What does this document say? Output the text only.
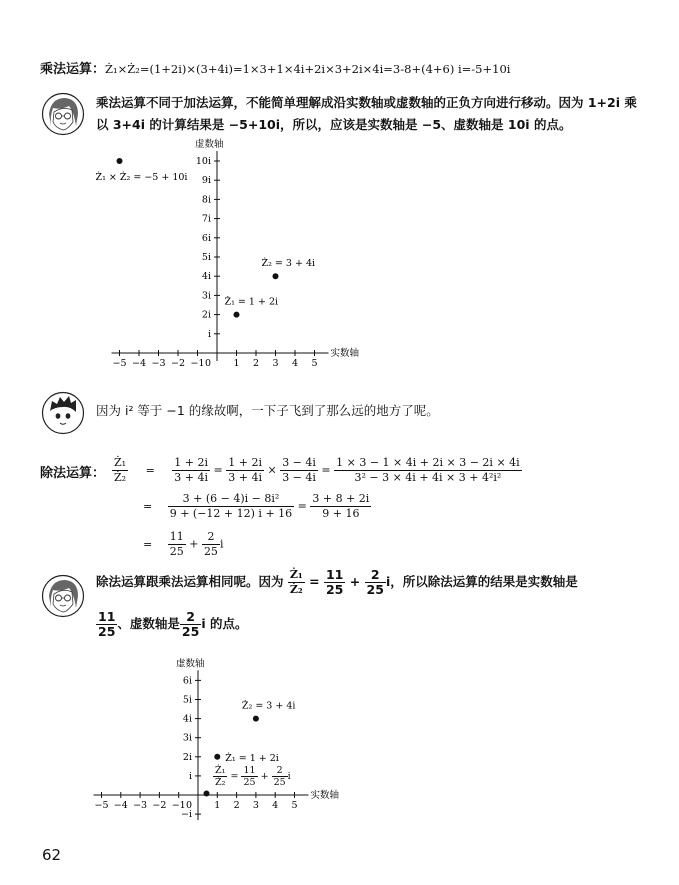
乘法运算：Ż₁×Ż₂=(1+2i)×(3+4i)=1×3+1×4i+2i×3+2i×4i=3-8+(4+6) i=-5+10i
乘法运算不同于加法运算，不能简单理解成沿实数轴或虚数轴的正负方向进行移动。因为 1+2i 乘以 3+4i 的计算结果是 −5+10i，所以，应该是实数轴是 −5、虚数轴是 10i 的点。
实数轴
虚数轴
−5 −4 −3 −2 −1 0 1 2 3 4 5
i
2i
3i
4i
5i
6i
7i
8i
9i
10i
Ż₁ = 1 + 2i
Ż₂ = 3 + 4i
Ż₁ × Ż₂ = −5 + 10i
因为 i² 等于 −1 的缘故啊，一下子飞到了那么远的地方了呢。
除法运算： $\frac{\text{Ż₁}}{\text{Ż₂}} = \frac{1 + 2i}{3 + 4i} = \frac{1 + 2i}{3 + 4i} \times \frac{3 - 4i}{3 - 4i} = \frac{1 \times 3 - 1 \times 4i + 2i \times 3 - 2i \times 4i}{\text{3² − 3 × 4i + 4i × 3 + 4²i²}}$
= $\frac{\text{3 + (6 − 4)i − 8i²}}{9 + (-12 + 12) i + 16} = \frac{3 + 8 + 2i}{9 + 16}$
= $\frac{11}{25} + \frac{2}{25}$ i
除法运算跟乘法运算相同呢。因为 $\frac{\text{Ż₁}}{\text{Ż₂}} = \frac{11}{25} + \frac{2}{25}$ i，所以除法运算的结果是实数轴是
$\frac{11}{25}$ 、虚数轴是 $\frac{2}{25}$ i 的点。
实数轴
虚数轴
−5 −4 −3 −2 −1 0 1 2 3 4 5
−i
i
2i
3i
4i
5i
6i
Ż₁ = 1 + 2i
Ż₂ = 3 + 4i
$\frac{\text{Ż₁}}{\text{Ż₂}} = \frac{11}{25} + \frac{2}{25}$ i
62
